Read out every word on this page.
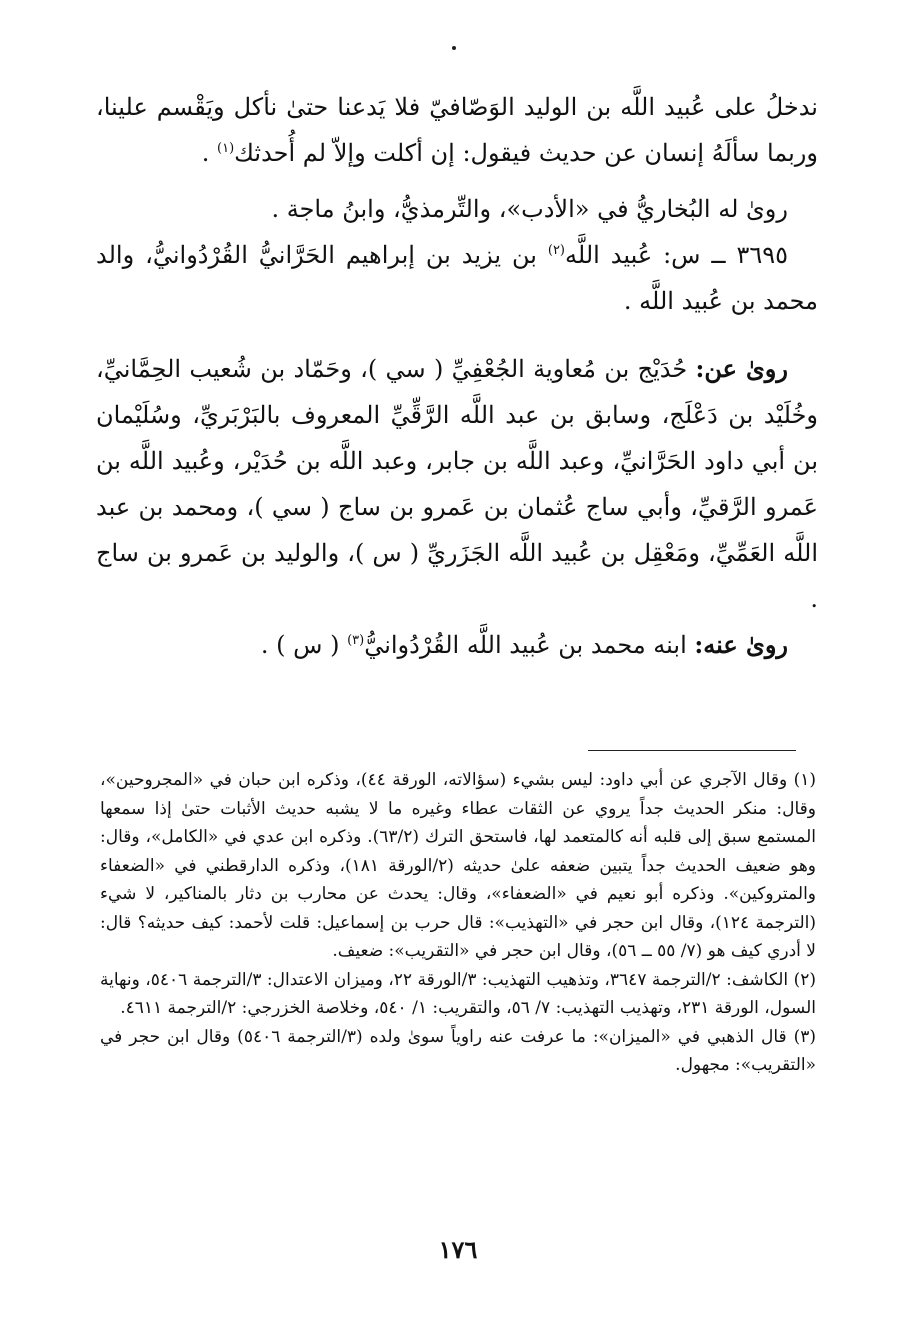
ندخلُ على عُبيد اللَّه بن الوليد الوَصّافيّ فلا يَدعنا حتىٰ نأكل ويَقْسم علينا، وربما سألَهُ إنسان عن حديث فيقول: إن أكلت وإلاّ لم أُحدثك$^{(١)}$ .

روىٰ له البُخاريُّ في «الأدب»، والتِّرمذيُّ، وابنُ ماجة .

٣٦٩٥ ــ س: عُبيد اللَّه$^{(٢)}$ بن يزيد بن إبراهيم الحَرَّانيُّ القُرْدُوانيُّ، والد محمد بن عُبيد اللَّه .

روىٰ عن: حُدَيْج بن مُعاوية الجُعْفِيِّ ( سي )، وحَمّاد بن شُعيب الحِمَّانيِّ، وخُلَيْد بن دَعْلَج، وسابق بن عبد اللَّه الرَّقِّيِّ المعروف بالبَرْبَريِّ، وسُلَيْمان بن أبي داود الحَرَّانيِّ، وعبد اللَّه بن جابر، وعبد اللَّه بن حُدَيْر، وعُبيد اللَّه بن عَمرو الرَّقيِّ، وأبي ساج عُثمان بن عَمرو بن ساج ( سي )، ومحمد بن عبد اللَّه العَمِّيِّ، ومَعْقِل بن عُبيد اللَّه الجَزَريِّ ( س )، والوليد بن عَمرو بن ساج .

روىٰ عنه: ابنه محمد بن عُبيد اللَّه القُرْدُوانيُّ$^{(٣)}$ ( س ) .

(١) وقال الآجري عن أبي داود: ليس بشيء (سؤالاته، الورقة ٤٤)، وذكره ابن حبان في «المجروحين»، وقال: منكر الحديث جداً يروي عن الثقات عطاء وغيره ما لا يشبه حديث الأثبات حتىٰ إذا سمعها المستمع سبق إلى قلبه أنه كالمتعمد لها، فاستحق الترك (٦٣/٢). وذكره ابن عدي في «الكامل»، وقال: وهو ضعيف الحديث جداً يتبين ضعفه علىٰ حديثه (٢/الورقة ١٨١)، وذكره الدارقطني في «الضعفاء والمتروكين». وذكره أبو نعيم في «الضعفاء»، وقال: يحدث عن محارب بن دثار بالمناكير، لا شيء (الترجمة ١٢٤)، وقال ابن حجر في «التهذيب»: قال حرب بن إسماعيل: قلت لأحمد: كيف حديثه؟ قال: لا أدري كيف هو (٧/ ٥٥ ــ ٥٦)، وقال ابن حجر في «التقريب»: ضعيف.

(٢) الكاشف: ٢/الترجمة ٣٦٤٧، وتذهيب التهذيب: ٣/الورقة ٢٢، وميزان الاعتدال: ٣/الترجمة ٥٤٠٦، ونهاية السول، الورقة ٢٣١، وتهذيب التهذيب: ٧/ ٥٦، والتقريب: ١/ ٥٤٠، وخلاصة الخزرجي: ٢/الترجمة ٤٦١١.

(٣) قال الذهبي في «الميزان»: ما عرفت عنه راوياً سوىٰ ولده (٣/الترجمة ٥٤٠٦) وقال ابن حجر في «التقريب»: مجهول.

١٧٦
